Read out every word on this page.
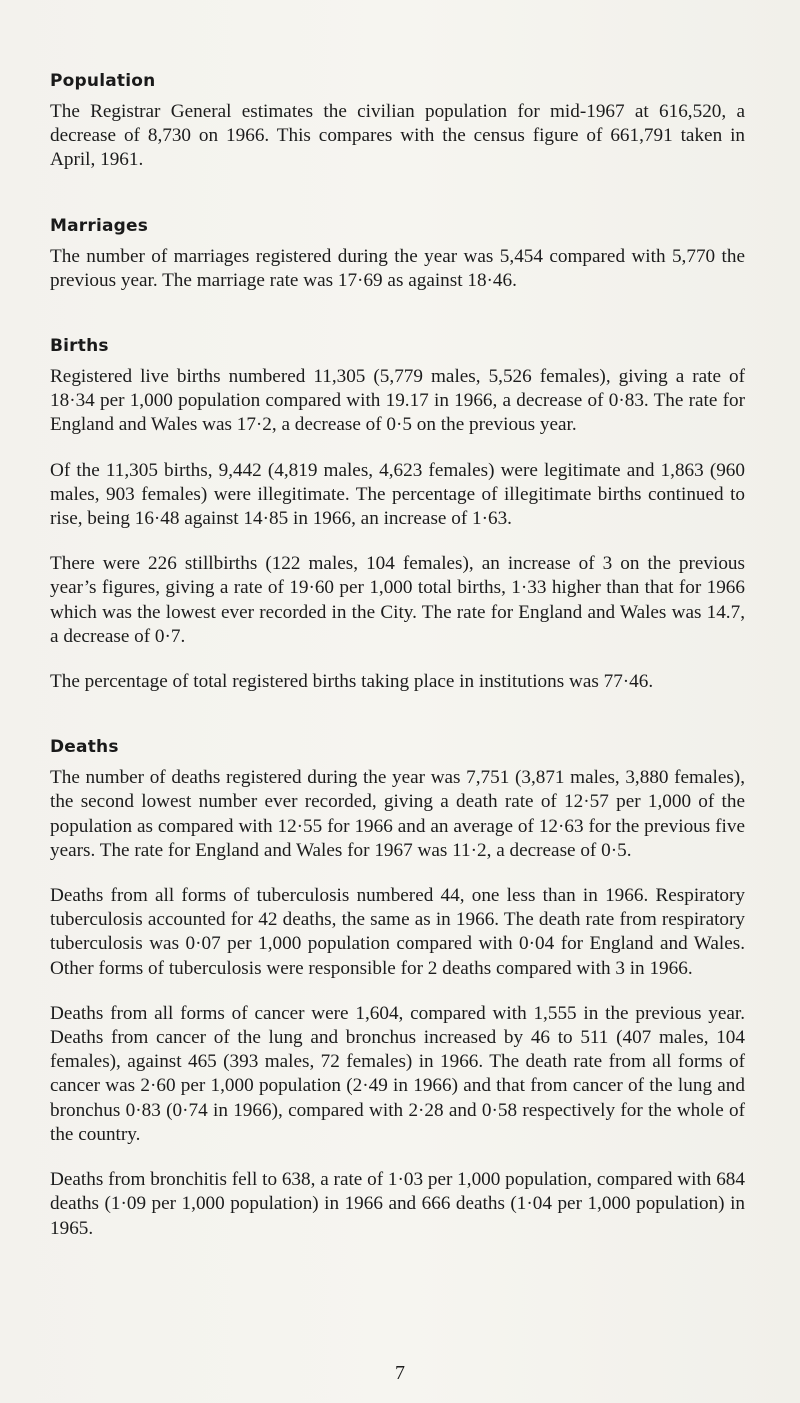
Population

The Registrar General estimates the civilian population for mid-1967 at 616,520, a decrease of 8,730 on 1966. This compares with the census figure of 661,791 taken in April, 1961.

Marriages

The number of marriages registered during the year was 5,454 compared with 5,770 the previous year. The marriage rate was 17·69 as against 18·46.

Births

Registered live births numbered 11,305 (5,779 males, 5,526 females), giving a rate of 18·34 per 1,000 population compared with 19.17 in 1966, a decrease of 0·83. The rate for England and Wales was 17·2, a decrease of 0·5 on the previous year.

Of the 11,305 births, 9,442 (4,819 males, 4,623 females) were legitimate and 1,863 (960 males, 903 females) were illegitimate. The percentage of illegitimate births continued to rise, being 16·48 against 14·85 in 1966, an increase of 1·63.

There were 226 stillbirths (122 males, 104 females), an increase of 3 on the previous year’s figures, giving a rate of 19·60 per 1,000 total births, 1·33 higher than that for 1966 which was the lowest ever recorded in the City. The rate for England and Wales was 14.7, a decrease of 0·7.

The percentage of total registered births taking place in institutions was 77·46.

Deaths

The number of deaths registered during the year was 7,751 (3,871 males, 3,880 females), the second lowest number ever recorded, giving a death rate of 12·57 per 1,000 of the population as compared with 12·55 for 1966 and an average of 12·63 for the previous five years. The rate for England and Wales for 1967 was 11·2, a decrease of 0·5.

Deaths from all forms of tuberculosis numbered 44, one less than in 1966. Respiratory tuberculosis accounted for 42 deaths, the same as in 1966. The death rate from respiratory tuberculosis was 0·07 per 1,000 population compared with 0·04 for England and Wales. Other forms of tuberculosis were responsible for 2 deaths compared with 3 in 1966.

Deaths from all forms of cancer were 1,604, compared with 1,555 in the previous year. Deaths from cancer of the lung and bronchus increased by 46 to 511 (407 males, 104 females), against 465 (393 males, 72 females) in 1966. The death rate from all forms of cancer was 2·60 per 1,000 population (2·49 in 1966) and that from cancer of the lung and bronchus 0·83 (0·74 in 1966), compared with 2·28 and 0·58 respectively for the whole of the country.

Deaths from bronchitis fell to 638, a rate of 1·03 per 1,000 population, compared with 684 deaths (1·09 per 1,000 population) in 1966 and 666 deaths (1·04 per 1,000 population) in 1965.

7
